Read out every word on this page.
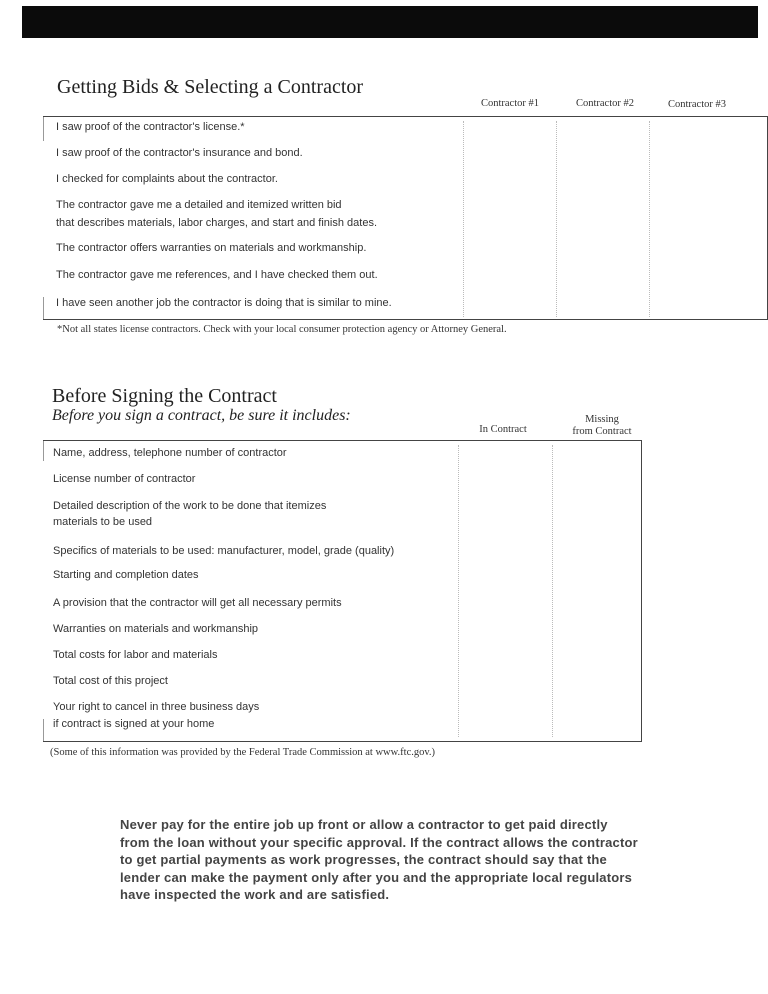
Getting Bids & Selecting a Contractor
Contractor #1	Contractor #2	Contractor #3
I saw proof of the contractor's license.*
I saw proof of the contractor's insurance and bond.
I checked for complaints about the contractor.
The contractor gave me a detailed and itemized written bid
that describes materials, labor charges, and start and finish dates.
The contractor offers warranties on materials and workmanship.
The contractor gave me references, and I have checked them out.
I have seen another job the contractor is doing that is similar to mine.
*Not all states license contractors. Check with your local consumer protection agency or Attorney General.
Before Signing the Contract
Before you sign a contract, be sure it includes:
In Contract
Missing
from Contract
Name, address, telephone number of contractor
License number of contractor
Detailed description of the work to be done that itemizes
materials to be used
Specifics of materials to be used: manufacturer, model, grade (quality)
Starting and completion dates
A provision that the contractor will get all necessary permits
Warranties on materials and workmanship
Total costs for labor and materials
Total cost of this project
Your right to cancel in three business days
if contract is signed at your home
(Some of this information was provided by the Federal Trade Commission at www.ftc.gov.)
Never pay for the entire job up front or allow a contractor to get paid directly from the loan without your specific approval. If the contract allows the contractor to get partial payments as work progresses, the contract should say that the lender can make the payment only after you and the appropriate local regulators have inspected the work and are satisfied.
